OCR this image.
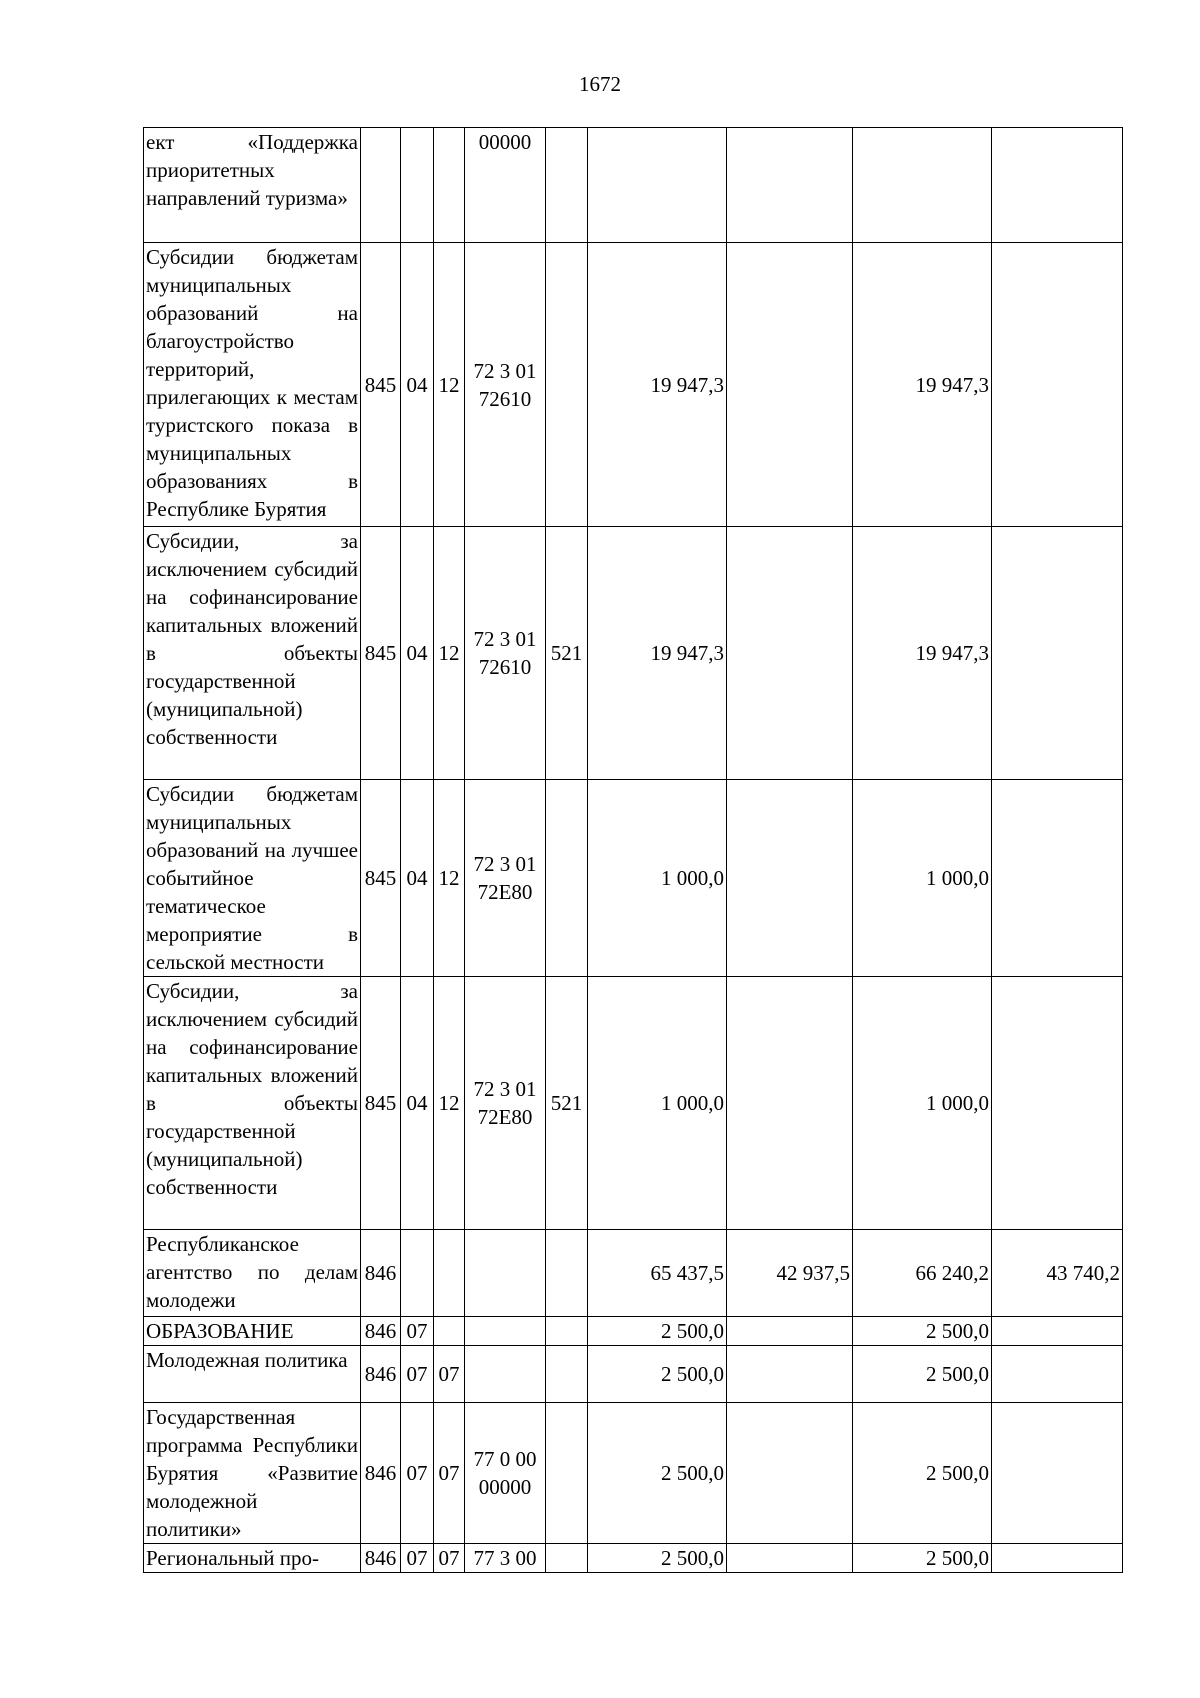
1672
ект «Поддержка приоритетных направлений туризма»				00000					
Субсидии бюджетам муниципальных образований на благоустройство территорий, прилегающих к местам туристского показа в муниципальных образованиях в Республике Бурятия	845	04	12	72 3 01 72610		19 947,3		19 947,3	
Субсидии, за исключением субсидий на софинансирование капитальных вложений в объекты государственной (муниципальной) собственности	845	04	12	72 3 01 72610	521	19 947,3		19 947,3	
Субсидии бюджетам муниципальных образований на лучшее событийное тематическое мероприятие в сельской местности	845	04	12	72 3 01 72E80		1 000,0		1 000,0	
Субсидии, за исключением субсидий на софинансирование капитальных вложений в объекты государственной (муниципальной) собственности	845	04	12	72 3 01 72E80	521	1 000,0		1 000,0	
Республиканское агентство по делам молодежи	846					65 437,5	42 937,5	66 240,2	43 740,2
ОБРАЗОВАНИЕ	846	07				2 500,0		2 500,0	
Молодежная политика	846	07	07			2 500,0		2 500,0	
Государственная программа Республики Бурятия «Развитие молодежной политики»	846	07	07	77 0 00 00000		2 500,0		2 500,0	
Региональный про-	846	07	07	77 3 00		2 500,0		2 500,0	
